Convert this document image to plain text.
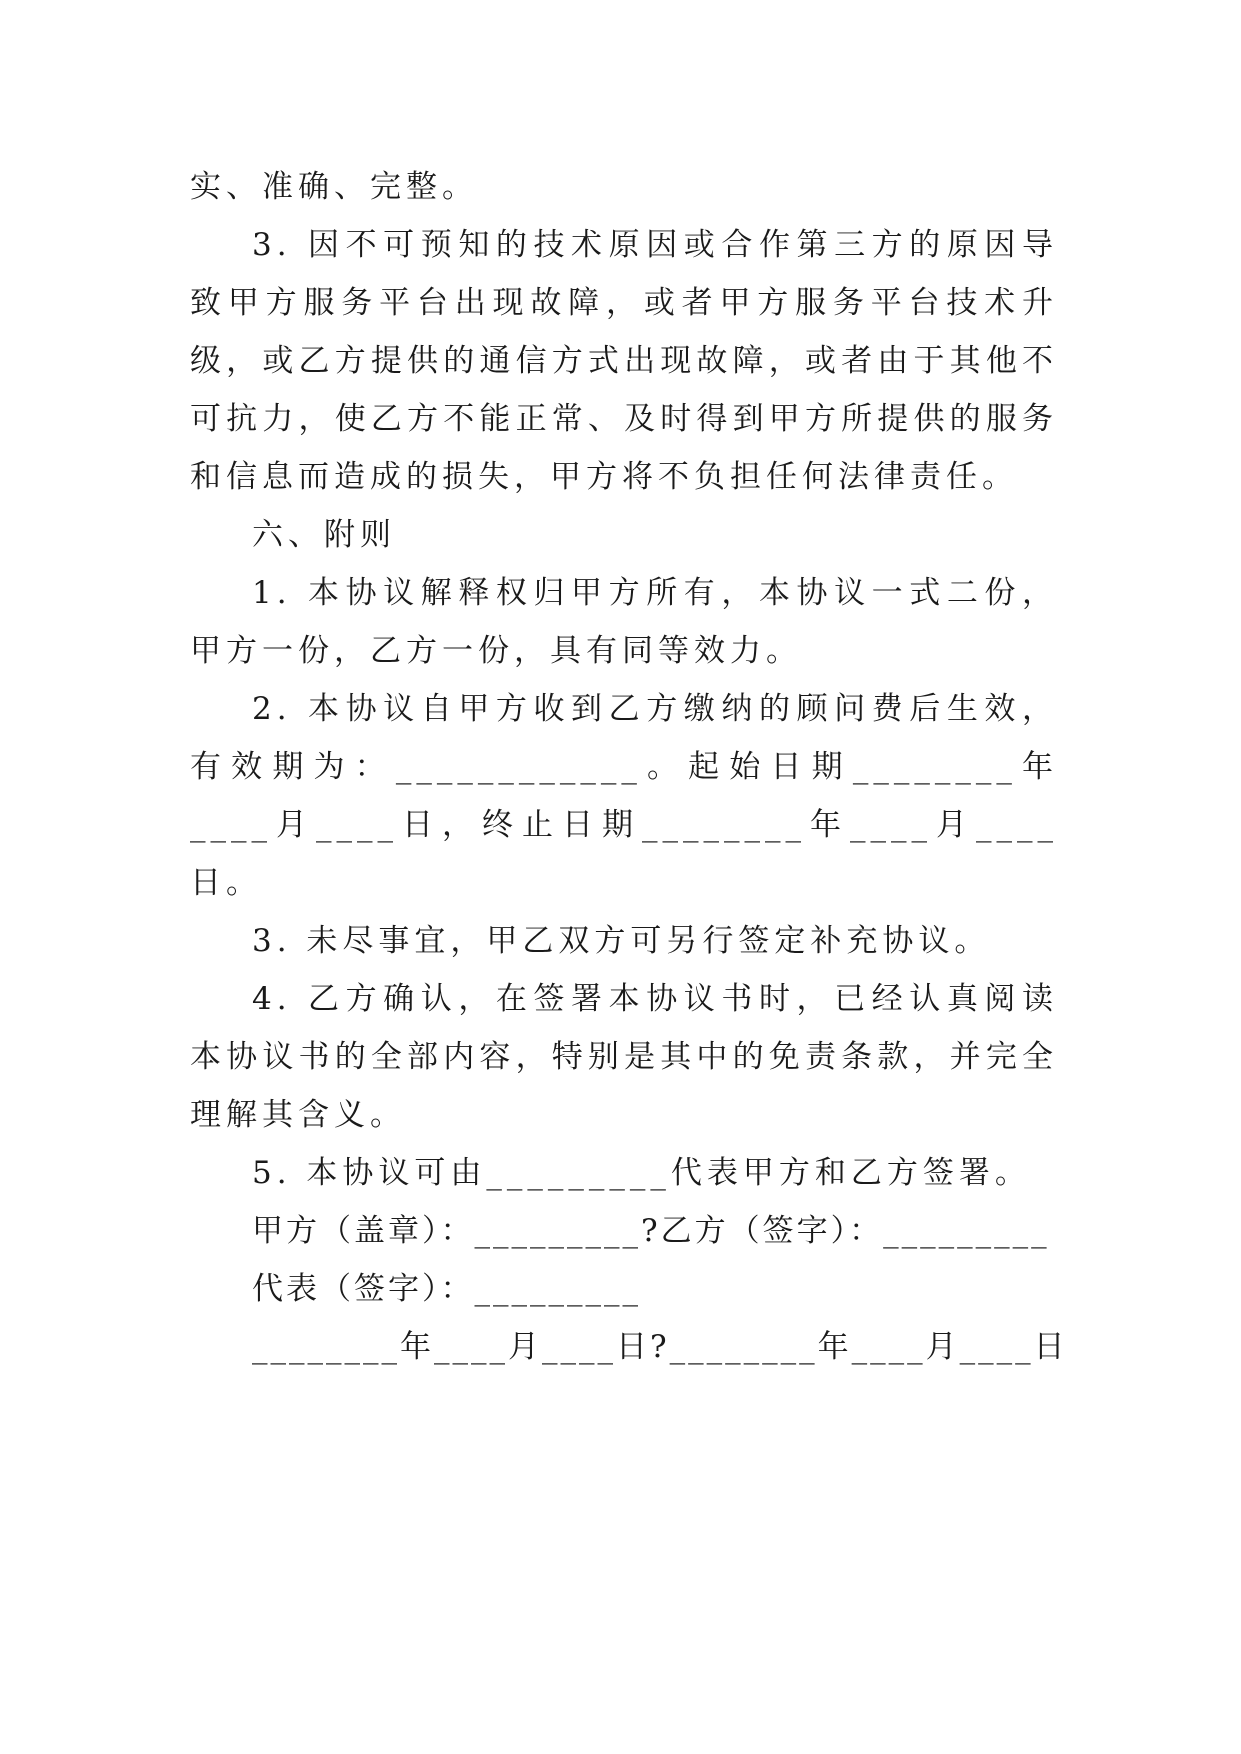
实、准确、完整。

3. 因不可预知的技术原因或合作第三方的原因导致甲方服务平台出现故障，或者甲方服务平台技术升级，或乙方提供的通信方式出现故障，或者由于其他不可抗力，使乙方不能正常、及时得到甲方所提供的服务和信息而造成的损失，甲方将不负担任何法律责任。

六、附则

1. 本协议解释权归甲方所有，本协议一式二份，甲方一份，乙方一份，具有同等效力。

2. 本协议自甲方收到乙方缴纳的顾问费后生效，有效期为：____________。起始日期________年____月____日，终止日期________年____月____日。

3. 未尽事宜，甲乙双方可另行签定补充协议。

4. 乙方确认，在签署本协议书时，已经认真阅读本协议书的全部内容，特别是其中的免责条款，并完全理解其含义。

5. 本协议可由_________代表甲方和乙方签署。

甲方（盖章）：_________?乙方（签字）：_________

代表（签字）：_________

________年____月____日?________年____月____日
